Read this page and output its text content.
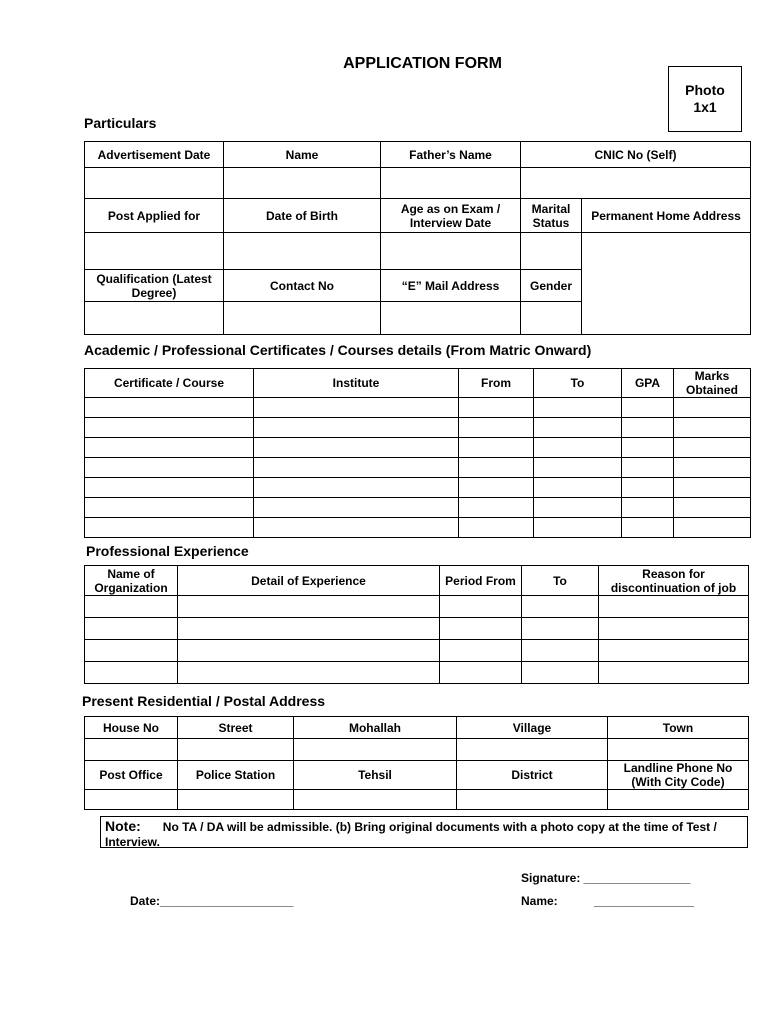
APPLICATION FORM
Photo
1x1
Particulars
Advertisement Date	Name	Father’s Name	CNIC No (Self)	

Post Applied for	Date of Birth	Age as on Exam / Interview Date	Marital Status	Permanent Home Address

Qualification (Latest Degree)	Contact No	“E” Mail Address	Gender	

Academic / Professional Certificates / Courses details (From Matric Onward)
Certificate / Course	Institute	From	To	GPA	Marks Obtained

Professional Experience
Name of Organization	Detail of Experience	Period From	To	Reason for discontinuation of job

Present Residential / Postal Address
House No	Street	Mohallah	Village	Town

Post Office	Police Station	Tehsil	District	Landline Phone No (With City Code)

Note: No TA / DA will be admissible. (b) Bring original documents with a photo copy at the time of Test / Interview.
Signature: ________________
Name:	_______________
Date:____________________
